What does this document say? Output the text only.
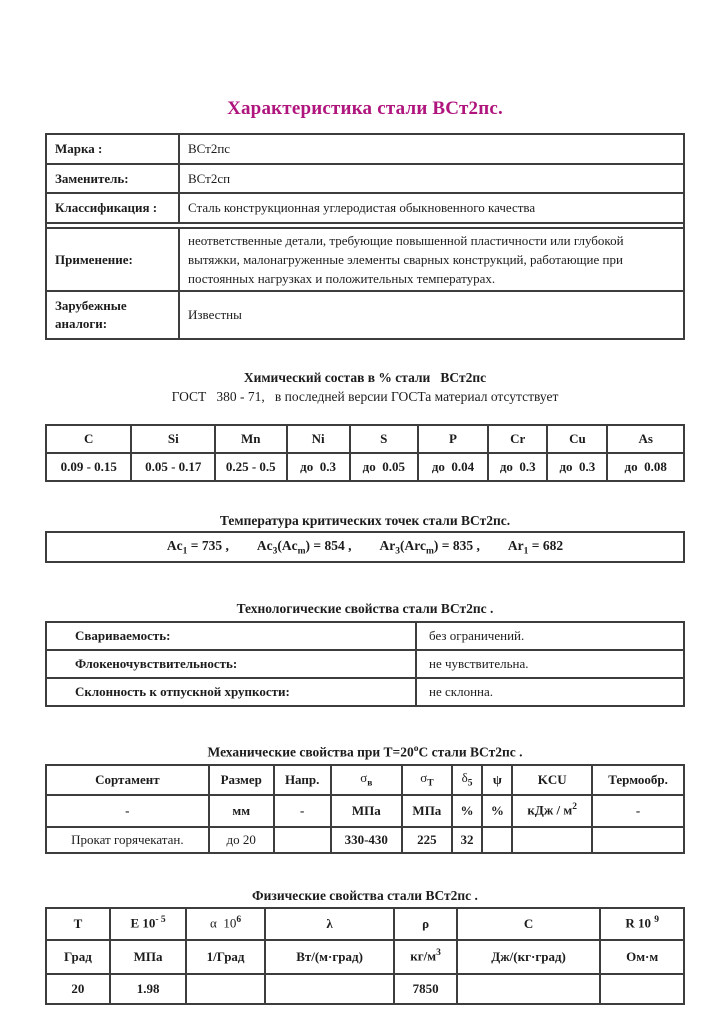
Характеристика стали ВСт2пс.
Марка :	ВСт2пс
Заменитель:	ВСт2сп
Классификация :	Сталь конструкционная углеродистая обыкновенного качества

Применение:	неответственные детали, требующие повышенной пластичности или глубокой вытяжки, малонагруженные элементы сварных конструкций, работающие при постоянных нагрузках и положительных температурах.
Зарубежные аналоги:	Известны
Химический состав в % стали   ВСт2пс
ГОСТ   380 - 71,   в последней версии ГОСТа материал отсутствует
C	Si	Mn	Ni	S	P	Cr	Cu	As
0.09 - 0.15	0.05 - 0.17	0.25 - 0.5	до  0.3	до  0.05	до  0.04	до  0.3	до  0.3	до  0.08
Температура критических точек стали ВСт2пс.
$Ac_1 = 735$ , $Ac_3(Ac_m) = 854$ , $Ar_3(Arc_m) = 835$ , $Ar_1 = 682$
Технологические свойства стали ВСт2пс .
Свариваемость:	без ограничений.
Флокеночувствительность:	не чувствительна.
Склонность к отпускной хрупкости:	не склонна.
Механические свойства при $Т=20^оС$ стали ВСт2пс .
Сортамент	Размер	Напр.	$\sigma_в$	$\sigma_Т$	$\delta_5$	ψ	KCU	Термообр.
-	мм	-	МПа	МПа	%	%	кДж / $м^2$	-
Прокат горячекатан.	до 20		330-430	225	32			
Физические свойства стали ВСт2пс .
T	E $10^{- 5}$	α  $10^6$	λ	ρ	C	R 10 $^9$
Град	МПа	1/Град	Вт/(м·град)	$кг/м^3$	Дж/(кг·град)	Ом·м
20	1.98			7850		
